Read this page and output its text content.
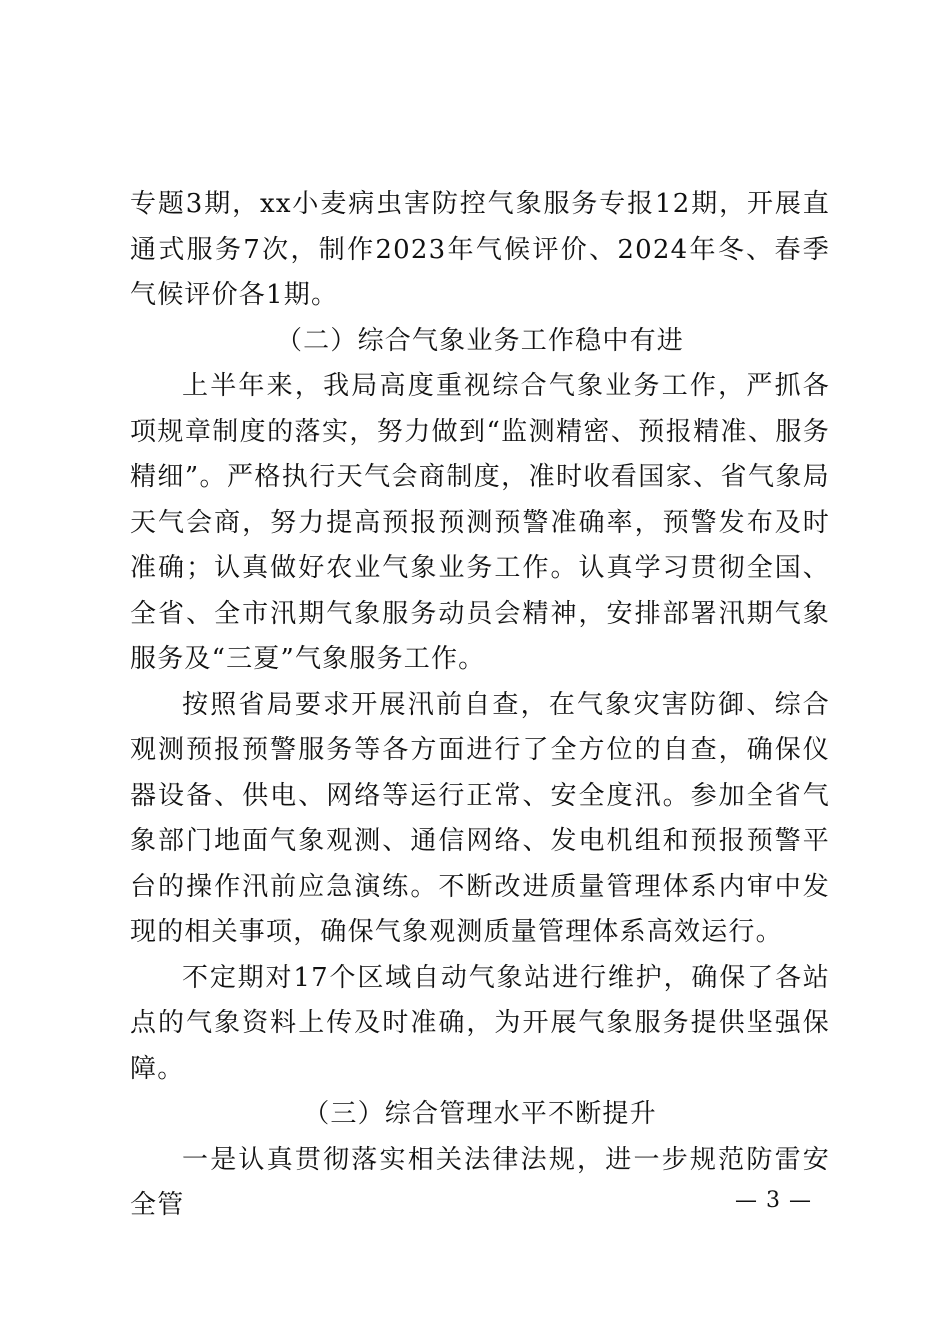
专题3期，xx小麦病虫害防控气象服务专报12期，开展直通式服务7次，制作2023年气候评价、2024年冬、春季气候评价各1期。

（二）综合气象业务工作稳中有进

上半年来，我局高度重视综合气象业务工作，严抓各项规章制度的落实，努力做到“监测精密、预报精准、服务精细”。严格执行天气会商制度，准时收看国家、省气象局天气会商，努力提高预报预测预警准确率，预警发布及时准确；认真做好农业气象业务工作。认真学习贯彻全国、全省、全市汛期气象服务动员会精神，安排部署汛期气象服务及“三夏”气象服务工作。

按照省局要求开展汛前自查，在气象灾害防御、综合观测预报预警服务等各方面进行了全方位的自查，确保仪器设备、供电、网络等运行正常、安全度汛。参加全省气象部门地面气象观测、通信网络、发电机组和预报预警平台的操作汛前应急演练。不断改进质量管理体系内审中发现的相关事项，确保气象观测质量管理体系高效运行。

不定期对17个区域自动气象站进行维护，确保了各站点的气象资料上传及时准确，为开展气象服务提供坚强保障。

（三）综合管理水平不断提升

一是认真贯彻落实相关法律法规，进一步规范防雷安全管	— 3 —
